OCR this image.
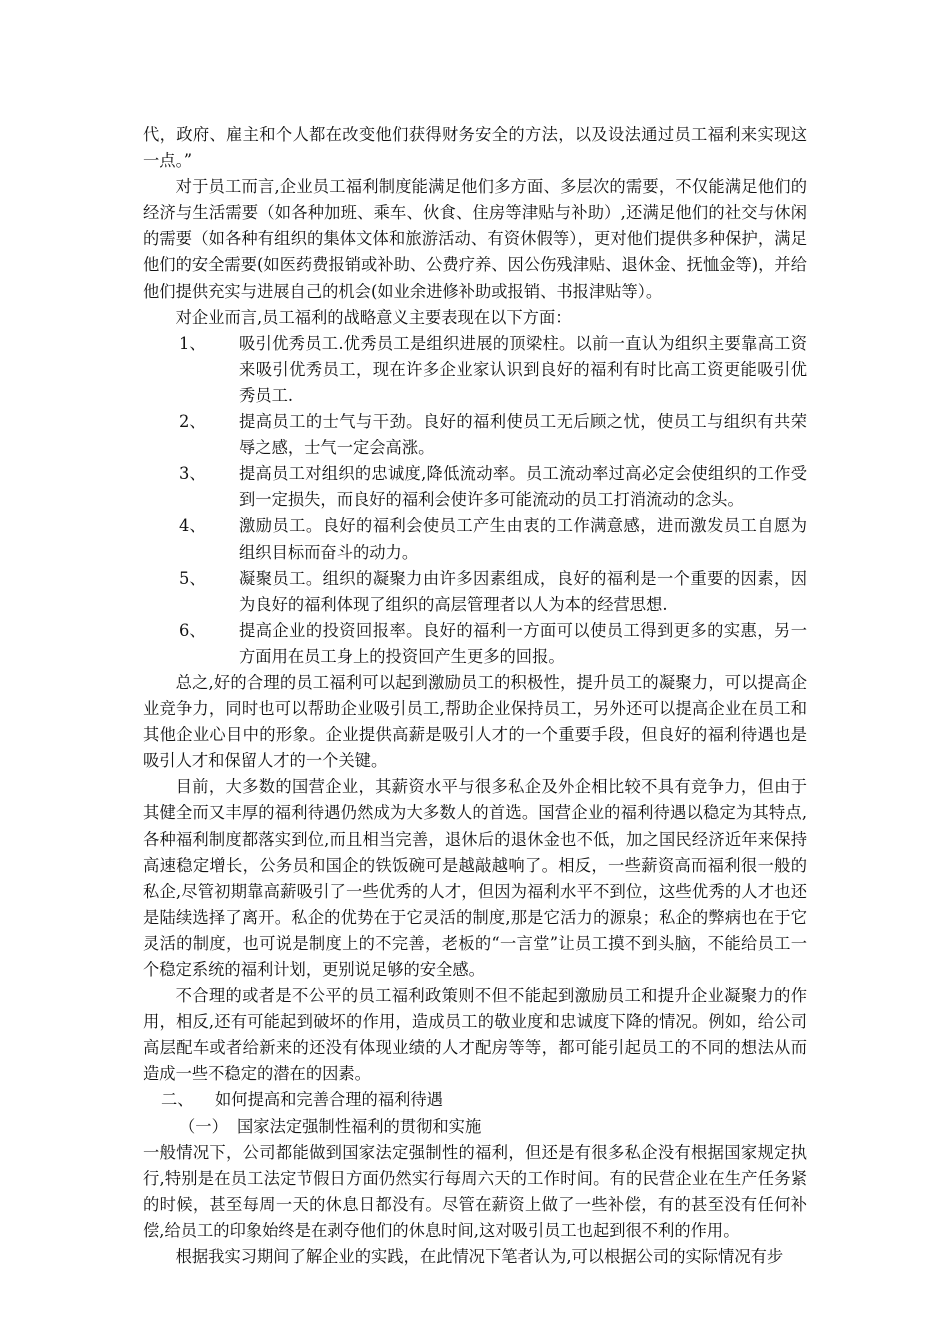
代，政府、雇主和个人都在改变他们获得财务安全的方法，以及设法通过员工福利来实现这一点。”

对于员工而言,企业员工福利制度能满足他们多方面、多层次的需要，不仅能满足他们的经济与生活需要（如各种加班、乘车、伙食、住房等津贴与补助）,还满足他们的社交与休闲的需要（如各种有组织的集体文体和旅游活动、有资休假等），更对他们提供多种保护，满足他们的安全需要(如医药费报销或补助、公费疗养、因公伤残津贴、退休金、抚恤金等)，并给他们提供充实与进展自己的机会(如业余进修补助或报销、书报津贴等）。

对企业而言,员工福利的战略意义主要表现在以下方面：

1、 吸引优秀员工.优秀员工是组织进展的顶梁柱。以前一直认为组织主要靠高工资来吸引优秀员工，现在许多企业家认识到良好的福利有时比高工资更能吸引优秀员工.
2、 提高员工的士气与干劲。良好的福利使员工无后顾之忧，使员工与组织有共荣辱之感，士气一定会高涨。
3、 提高员工对组织的忠诚度,降低流动率。员工流动率过高必定会使组织的工作受到一定损失，而良好的福利会使许多可能流动的员工打消流动的念头。
4、 激励员工。良好的福利会使员工产生由衷的工作满意感，进而激发员工自愿为组织目标而奋斗的动力。
5、 凝聚员工。组织的凝聚力由许多因素组成，良好的福利是一个重要的因素，因为良好的福利体现了组织的高层管理者以人为本的经营思想.
6、 提高企业的投资回报率。良好的福利一方面可以使员工得到更多的实惠，另一方面用在员工身上的投资回产生更多的回报。

总之,好的合理的员工福利可以起到激励员工的积极性，提升员工的凝聚力，可以提高企业竞争力，同时也可以帮助企业吸引员工,帮助企业保持员工，另外还可以提高企业在员工和其他企业心目中的形象。企业提供高薪是吸引人才的一个重要手段，但良好的福利待遇也是吸引人才和保留人才的一个关键。

目前，大多数的国营企业，其薪资水平与很多私企及外企相比较不具有竞争力，但由于其健全而又丰厚的福利待遇仍然成为大多数人的首选。国营企业的福利待遇以稳定为其特点,各种福利制度都落实到位,而且相当完善，退休后的退休金也不低，加之国民经济近年来保持高速稳定增长，公务员和国企的铁饭碗可是越敲越响了。相反，一些薪资高而福利很一般的私企,尽管初期靠高薪吸引了一些优秀的人才，但因为福利水平不到位，这些优秀的人才也还是陆续选择了离开。私企的优势在于它灵活的制度,那是它活力的源泉；私企的弊病也在于它灵活的制度，也可说是制度上的不完善，老板的“一言堂”让员工摸不到头脑，不能给员工一个稳定系统的福利计划，更别说足够的安全感。

不合理的或者是不公平的员工福利政策则不但不能起到激励员工和提升企业凝聚力的作用，相反,还有可能起到破坏的作用，造成员工的敬业度和忠诚度下降的情况。例如，给公司高层配车或者给新来的还没有体现业绩的人才配房等等，都可能引起员工的不同的想法从而造成一些不稳定的潜在的因素。

二、 如何提高和完善合理的福利待遇

（一） 国家法定强制性福利的贯彻和实施

一般情况下，公司都能做到国家法定强制性的福利，但还是有很多私企没有根据国家规定执行,特别是在员工法定节假日方面仍然实行每周六天的工作时间。有的民营企业在生产任务紧的时候，甚至每周一天的休息日都没有。尽管在薪资上做了一些补偿，有的甚至没有任何补偿,给员工的印象始终是在剥夺他们的休息时间,这对吸引员工也起到很不利的作用。

根据我实习期间了解企业的实践，在此情况下笔者认为,可以根据公司的实际情况有步
